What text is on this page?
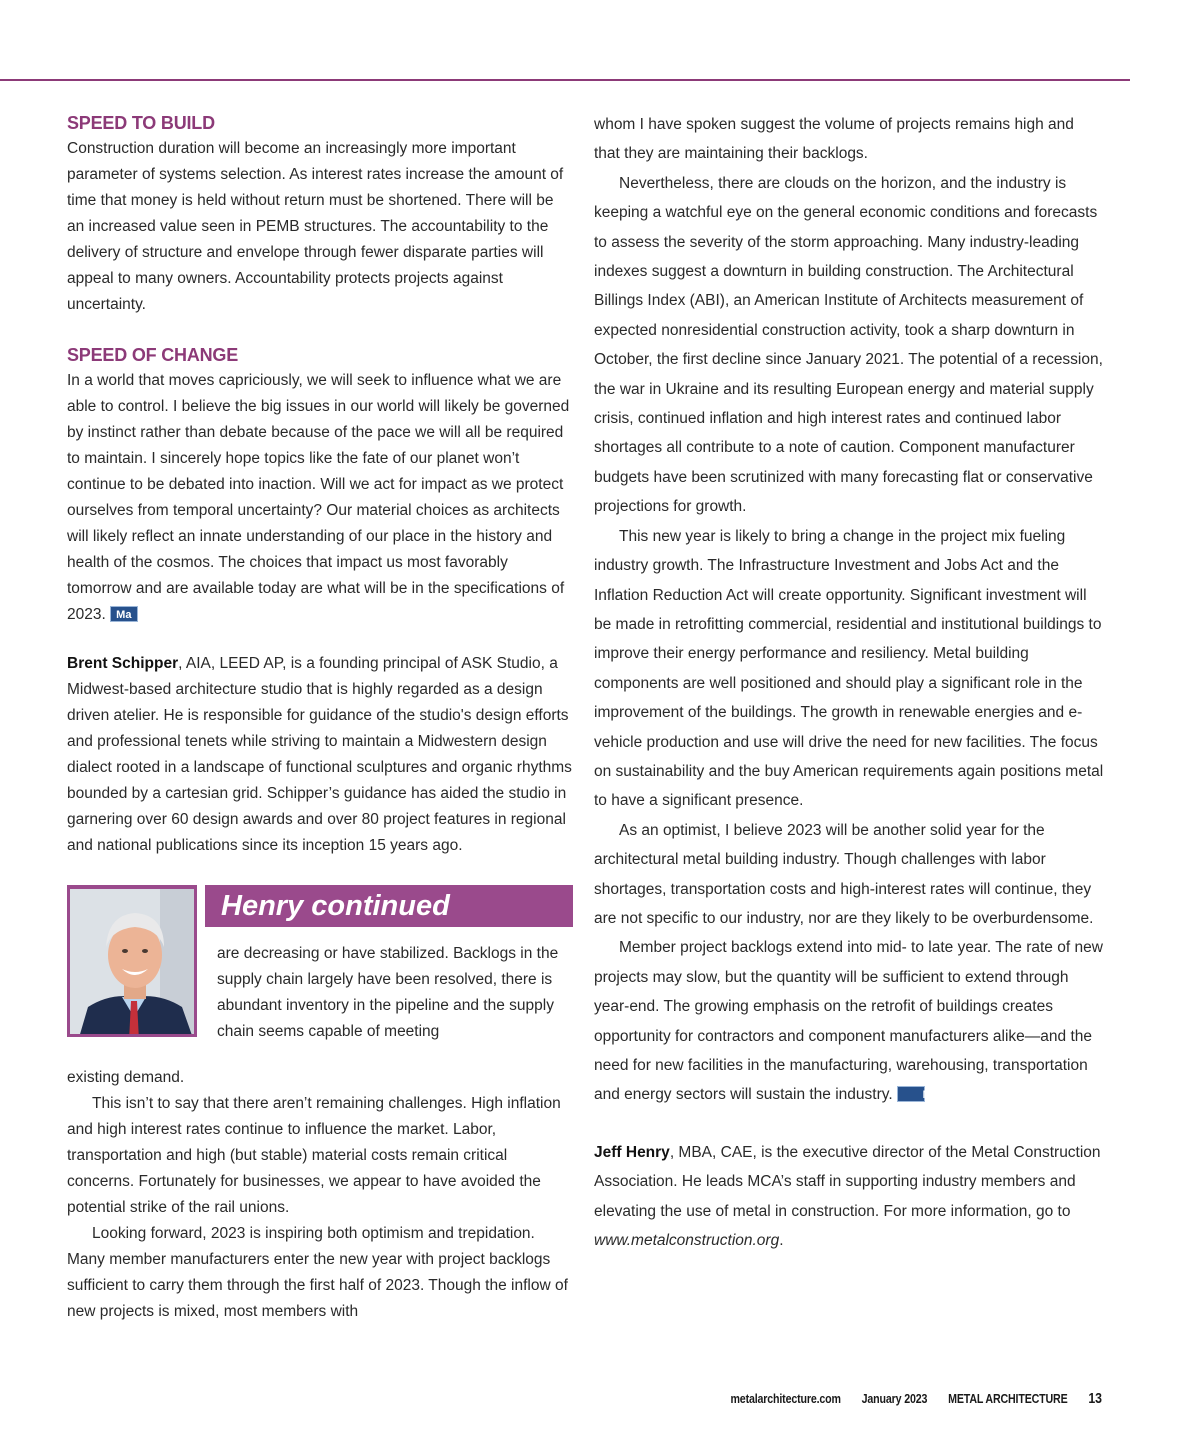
SPEED TO BUILD

Construction duration will become an increasingly more important parameter of systems selection. As interest rates increase the amount of time that money is held without return must be shortened. There will be an increased value seen in PEMB structures. The accountability to the delivery of structure and envelope through fewer disparate parties will appeal to many owners. Accountability protects projects against uncertainty.

SPEED OF CHANGE

In a world that moves capriciously, we will seek to influence what we are able to control. I believe the big issues in our world will likely be governed by instinct rather than debate because of the pace we will all be required to maintain. I sincerely hope topics like the fate of our planet won’t continue to be debated into inaction. Will we act for impact as we protect ourselves from temporal uncertainty? Our material choices as architects will likely reflect an innate understanding of our place in the history and health of the cosmos. The choices that impact us most favorably tomorrow and are available today are what will be in the specifications of 2023. Ma

Brent Schipper, AIA, LEED AP, is a founding principal of ASK Studio, a Midwest-based architecture studio that is highly regarded as a design driven atelier. He is responsible for guidance of the studio's design efforts and professional tenets while striving to maintain a Midwestern design dialect rooted in a landscape of functional sculptures and organic rhythms bounded by a cartesian grid. Schipper’s guidance has aided the studio in garnering over 60 design awards and over 80 project features in regional and national publications since its inception 15 years ago.

Henry continued

are decreasing or have stabilized. Backlogs in the supply chain largely have been resolved, there is abundant inventory in the pipeline and the supply chain seems capable of meeting

existing demand.

This isn’t to say that there aren’t remaining challenges. High inflation and high interest rates continue to influence the market. Labor, transportation and high (but stable) material costs remain critical concerns. Fortunately for businesses, we appear to have avoided the potential strike of the rail unions.

Looking forward, 2023 is inspiring both optimism and trepidation. Many member manufacturers enter the new year with project backlogs sufficient to carry them through the first half of 2023. Though the inflow of new projects is mixed, most members with

whom I have spoken suggest the volume of projects remains high and that they are maintaining their backlogs.

Nevertheless, there are clouds on the horizon, and the industry is keeping a watchful eye on the general economic conditions and forecasts to assess the severity of the storm approaching. Many industry-leading indexes suggest a downturn in building construction. The Architectural Billings Index (ABI), an American Institute of Architects measurement of expected nonresidential construction activity, took a sharp downturn in October, the first decline since January 2021. The potential of a recession, the war in Ukraine and its resulting European energy and material supply crisis, continued inflation and high interest rates and continued labor shortages all contribute to a note of caution. Component manufacturer budgets have been scrutinized with many forecasting flat or conservative projections for growth.

This new year is likely to bring a change in the project mix fueling industry growth. The Infrastructure Investment and Jobs Act and the Inflation Reduction Act will create opportunity. Significant investment will be made in retrofitting commercial, residential and institutional buildings to improve their energy performance and resiliency. Metal building components are well positioned and should play a significant role in the improvement of the buildings. The growth in renewable energies and e-vehicle production and use will drive the need for new facilities. The focus on sustainability and the buy American requirements again positions metal to have a significant presence.

As an optimist, I believe 2023 will be another solid year for the architectural metal building industry. Though challenges with labor shortages, transportation costs and high-interest rates will continue, they are not specific to our industry, nor are they likely to be overburdensome.

Member project backlogs extend into mid- to late year. The rate of new projects may slow, but the quantity will be sufficient to extend through year-end. The growing emphasis on the retrofit of buildings creates opportunity for contractors and component manufacturers alike—and the need for new facilities in the manufacturing, warehousing, transportation and energy sectors will sustain the industry.	Ma

Jeff Henry, MBA, CAE, is the executive director of the Metal Construction Association. He leads MCA’s staff in supporting industry members and elevating the use of metal in construction. For more information, go to www.metalconstruction.org.

metalarchitecture.com January 2023 METAL ARCHITECTURE 13
